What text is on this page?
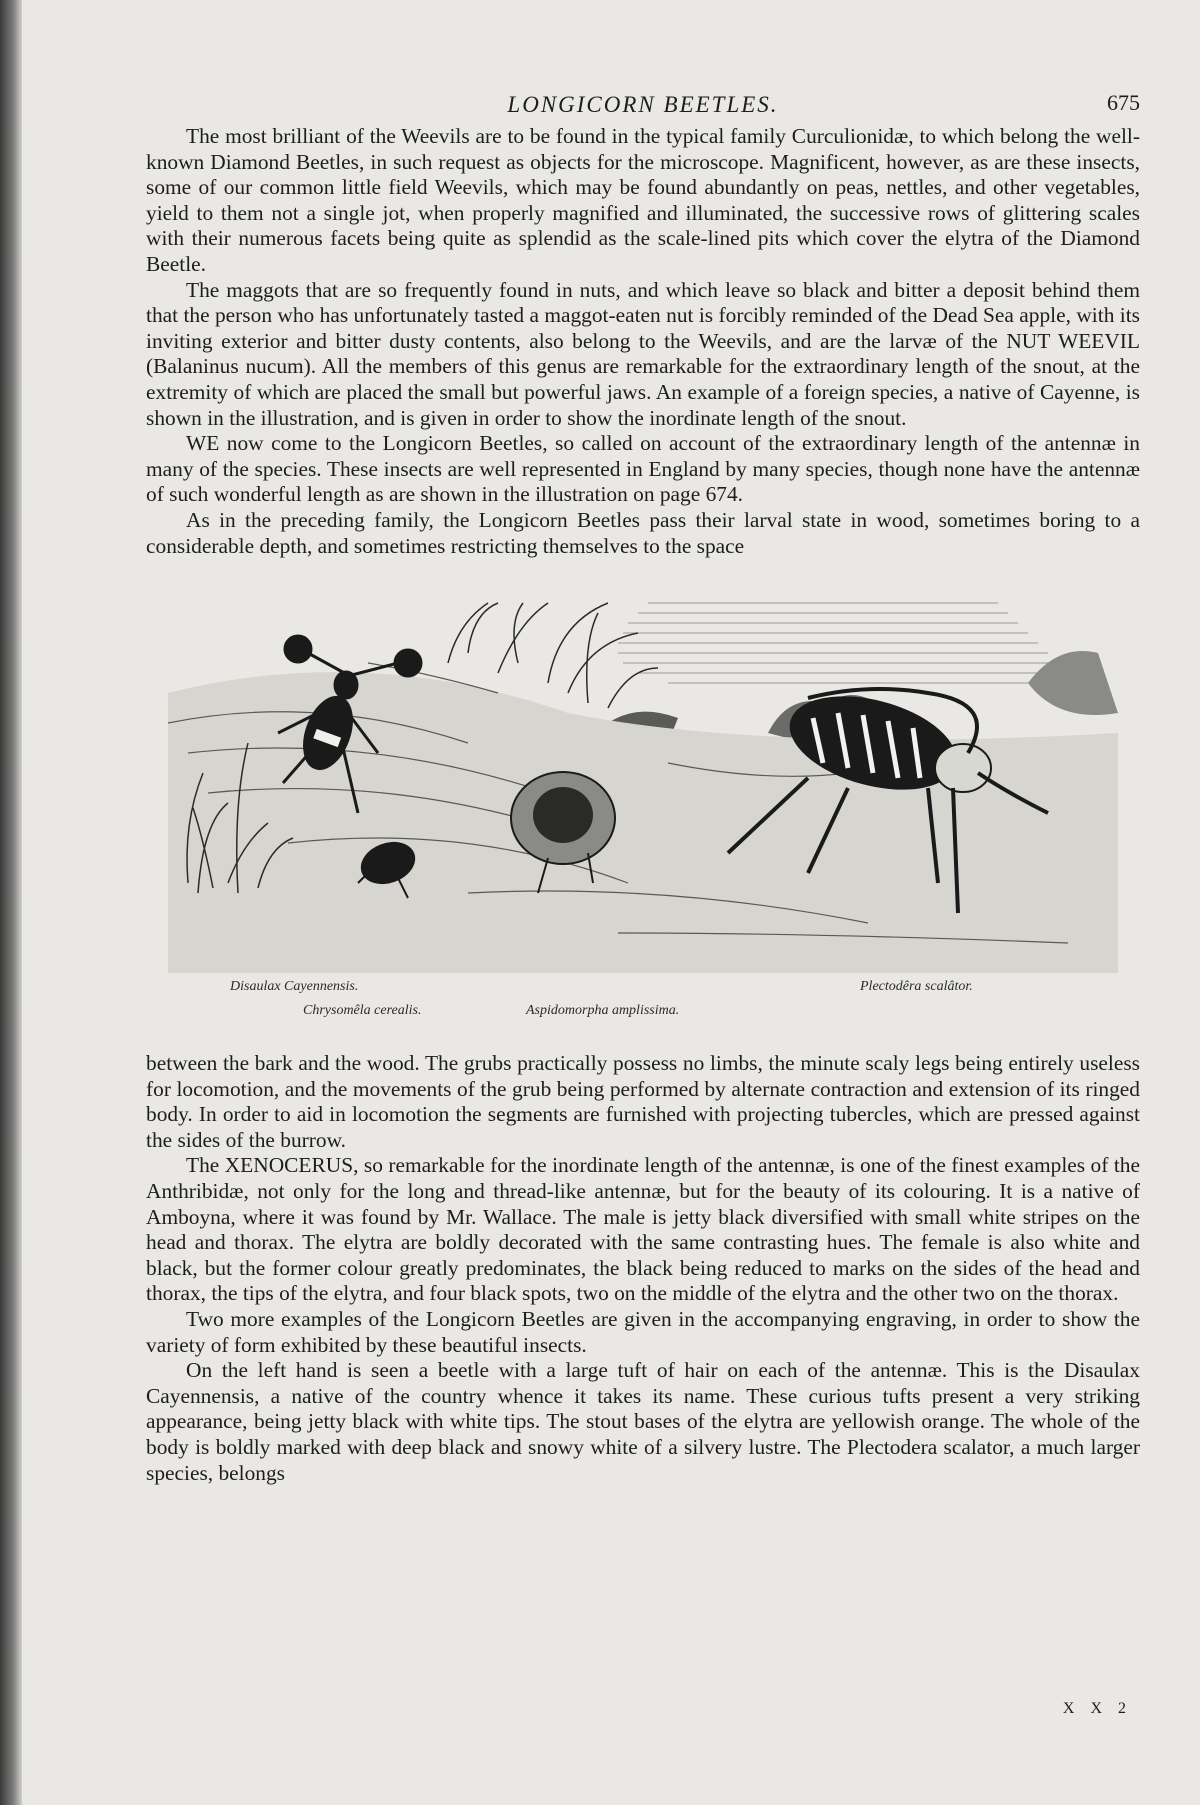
LONGICORN BEETLES.	675

The most brilliant of the Weevils are to be found in the typical family Curculionidæ, to which belong the well-known Diamond Beetles, in such request as objects for the microscope. Magnificent, however, as are these insects, some of our common little field Weevils, which may be found abundantly on peas, nettles, and other vegetables, yield to them not a single jot, when properly magnified and illuminated, the successive rows of glittering scales with their numerous facets being quite as splendid as the scale-lined pits which cover the elytra of the Diamond Beetle.

The maggots that are so frequently found in nuts, and which leave so black and bitter a deposit behind them that the person who has unfortunately tasted a maggot-eaten nut is forcibly reminded of the Dead Sea apple, with its inviting exterior and bitter dusty contents, also belong to the Weevils, and are the larvæ of the NUT WEEVIL (Balaninus nucum). All the members of this genus are remarkable for the extraordinary length of the snout, at the extremity of which are placed the small but powerful jaws. An example of a foreign species, a native of Cayenne, is shown in the illustration, and is given in order to show the inordinate length of the snout.

WE now come to the Longicorn Beetles, so called on account of the extraordinary length of the antennæ in many of the species. These insects are well represented in England by many species, though none have the antennæ of such wonderful length as are shown in the illustration on page 674.

As in the preceding family, the Longicorn Beetles pass their larval state in wood, sometimes boring to a considerable depth, and sometimes restricting themselves to the space

Disaulax Cayennensis.
Chrysomêla cerealis.	Aspidomorpha amplissima.
Plectodêra scalâtor.

between the bark and the wood. The grubs practically possess no limbs, the minute scaly legs being entirely useless for locomotion, and the movements of the grub being performed by alternate contraction and extension of its ringed body. In order to aid in locomotion the segments are furnished with projecting tubercles, which are pressed against the sides of the burrow.

The XENOCERUS, so remarkable for the inordinate length of the antennæ, is one of the finest examples of the Anthribidæ, not only for the long and thread-like antennæ, but for the beauty of its colouring. It is a native of Amboyna, where it was found by Mr. Wallace. The male is jetty black diversified with small white stripes on the head and thorax. The elytra are boldly decorated with the same contrasting hues. The female is also white and black, but the former colour greatly predominates, the black being reduced to marks on the sides of the head and thorax, the tips of the elytra, and four black spots, two on the middle of the elytra and the other two on the thorax.

Two more examples of the Longicorn Beetles are given in the accompanying engraving, in order to show the variety of form exhibited by these beautiful insects.

On the left hand is seen a beetle with a large tuft of hair on each of the antennæ. This is the Disaulax Cayennensis, a native of the country whence it takes its name. These curious tufts present a very striking appearance, being jetty black with white tips. The stout bases of the elytra are yellowish orange. The whole of the body is boldly marked with deep black and snowy white of a silvery lustre. The Plectodera scalator, a much larger species, belongs

X X 2
